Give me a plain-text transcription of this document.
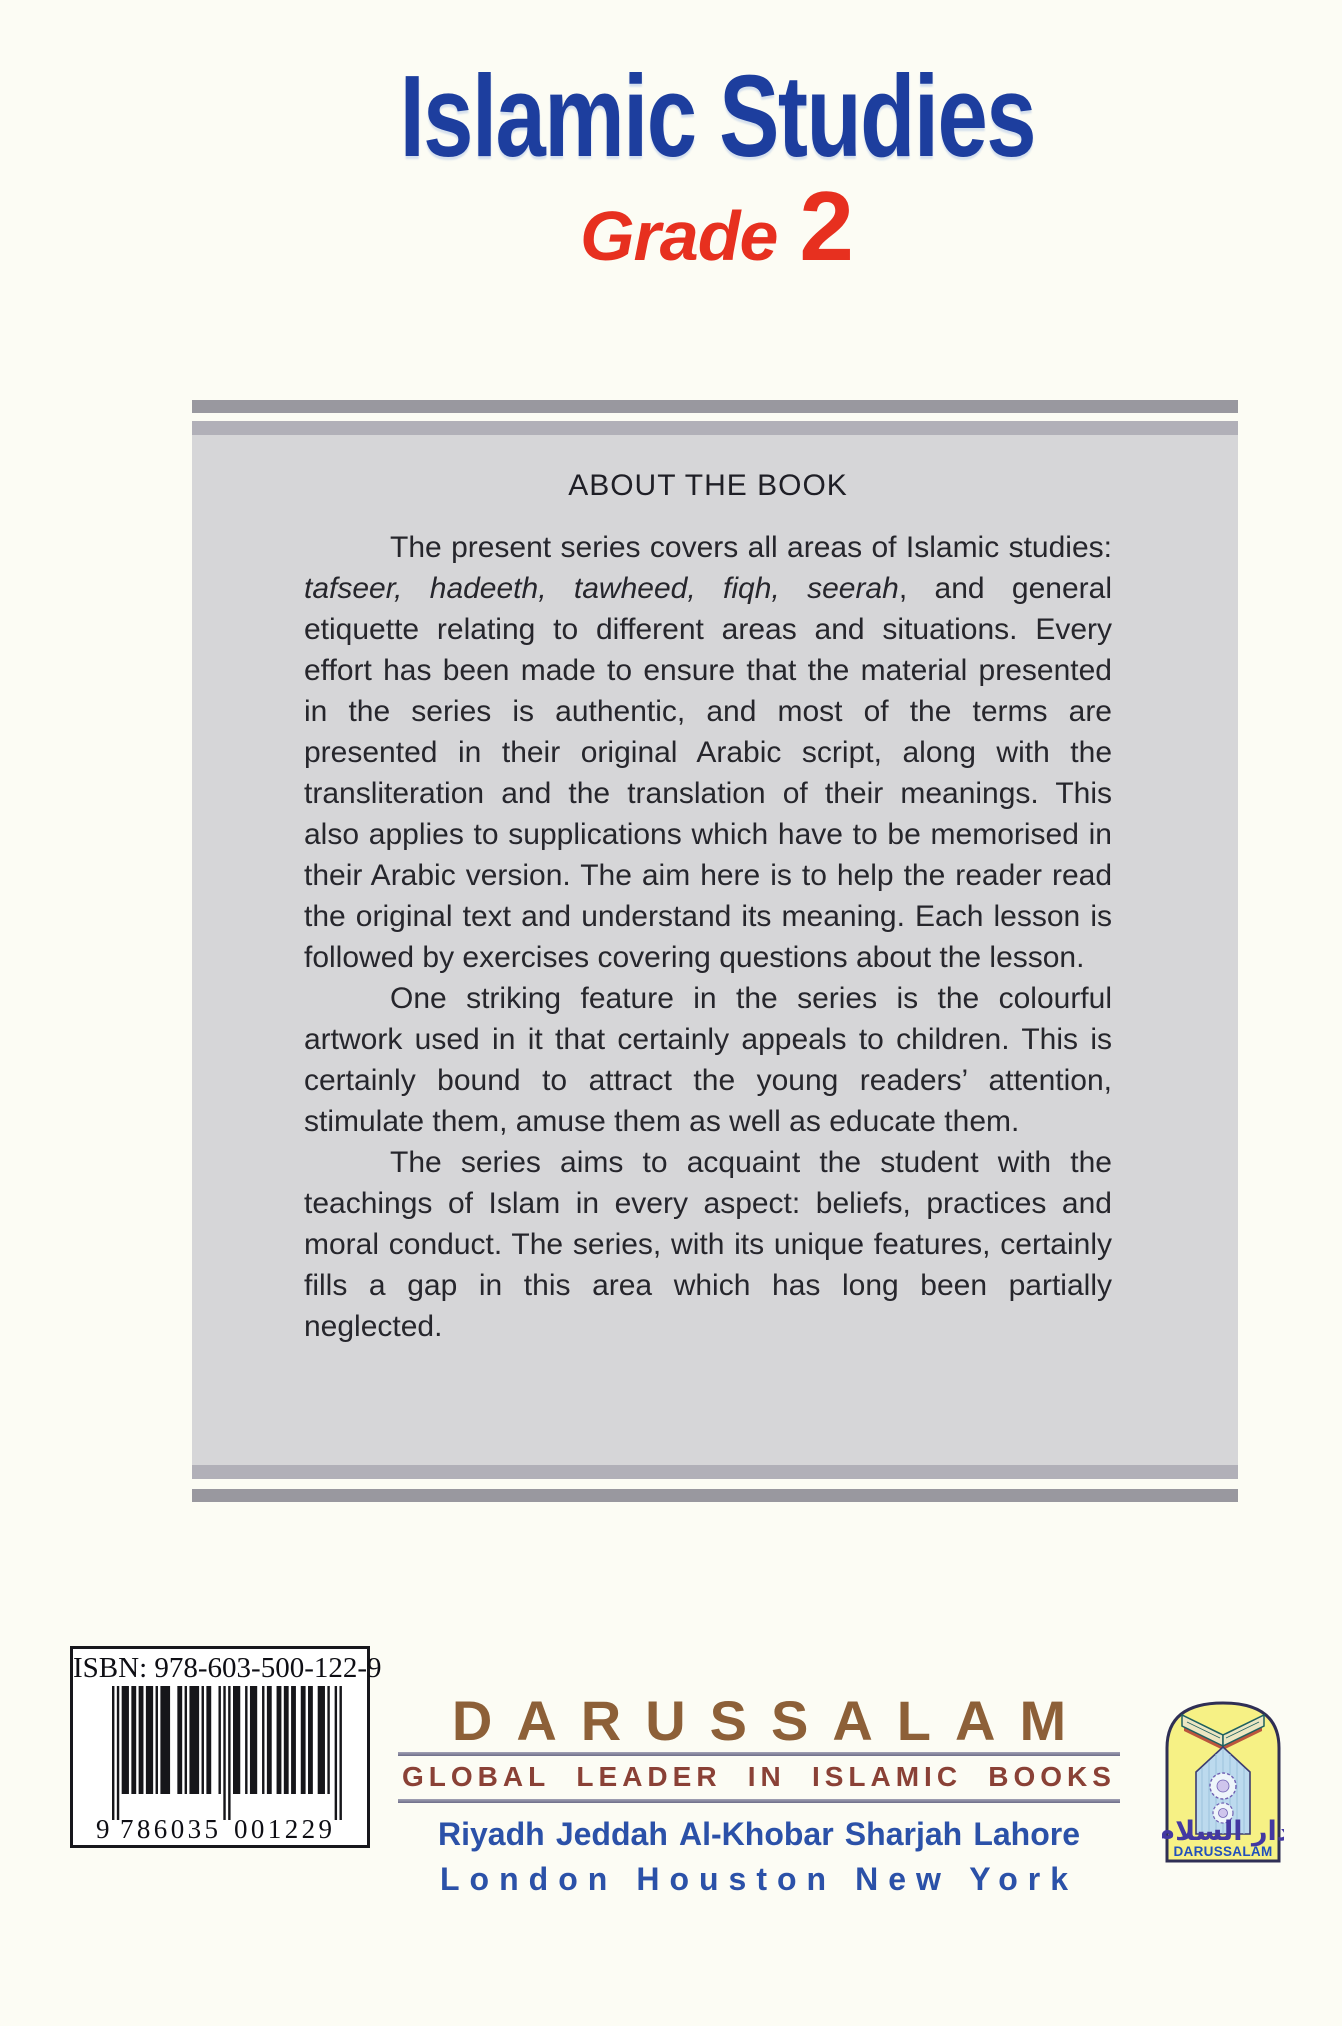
Islamic Studies
Grade 2
ABOUT THE BOOK

The present series covers all areas of Islamic studies: tafseer, hadeeth, tawheed, fiqh, seerah, and general etiquette relating to different areas and situations. Every effort has been made to ensure that the material presented in the series is authentic, and most of the terms are presented in their original Arabic script, along with the transliteration and the translation of their meanings. This also applies to supplications which have to be memorised in their Arabic version. The aim here is to help the reader read the original text and understand its meaning. Each lesson is followed by exercises covering questions about the lesson.

One striking feature in the series is the colourful artwork used in it that certainly appeals to children. This is certainly bound to attract the young readers’ attention, stimulate them, amuse them as well as educate them.

The series aims to acquaint the student with the teachings of Islam in every aspect: beliefs, practices and moral conduct. The series, with its unique features, certainly fills a gap in this area which has long been partially neglected.

ISBN: 978-603-500-122-9
9 786035 001229
DARUSSALAM
GLOBAL LEADER IN ISLAMIC BOOKS
Riyadh Jeddah Al-Khobar Sharjah Lahore
London Houston New York
دار السلام
DARUSSALAM
